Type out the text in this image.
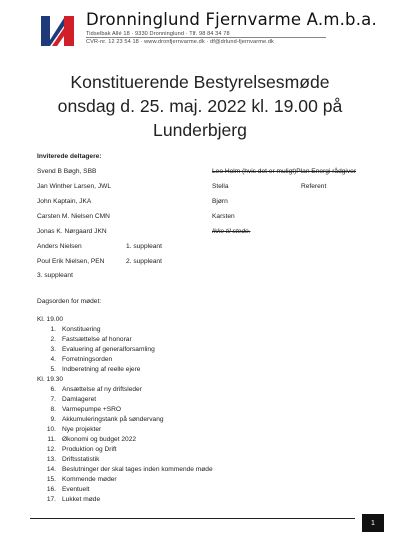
Dronninglund Fjernvarme A.m.b.a.
Tidselbak Allé 18 · 9330 Dronninglund · Tlf. 98 84 34 78
CVR-nr. 12 23 54 18 · www.dronfjernvarme.dk · df@drlund-fjernvarme.dk
Konstituerende Bestyrelsesmøde
onsdag d. 25. maj. 2022 kl. 19.00 på
Lunderbjerg
Inviterede deltagere:
Svend B Bøgh, SBB
Jan Winther Larsen, JWL
John Kaptain, JKA
Carsten M. Nielsen CMN
Jonas K. Nørgaard JKN
Anders Nielsen
Poul Erik Nielsen, PEN
3. suppleant
1. suppleant
2. suppleant
Leo Holm (hvis det er muligt)Plan Energi rådgiver
Stella	Referent
Bjørn
Karsten
Ikke til stede.
Dagsorden for mødet:
Kl. 19.00
1. Konstituering
2. Fastsættelse af honorar
3. Evaluering af generalforsamling
4. Forretningsorden
5. Indberetning af reelle ejere
Kl. 19.30
6. Ansættelse af ny driftsleder
7. Damlageret
8. Varmepumpe +SRO
9. Akkumuleringstank på søndervang
10. Nye projekter
11. Økonomi og budget 2022
12. Produktion og Drift
13. Driftsstatistik
14. Beslutninger der skal tages inden kommende møde
15. Kommende møder
16. Eventuelt
17. Lukket møde
1
